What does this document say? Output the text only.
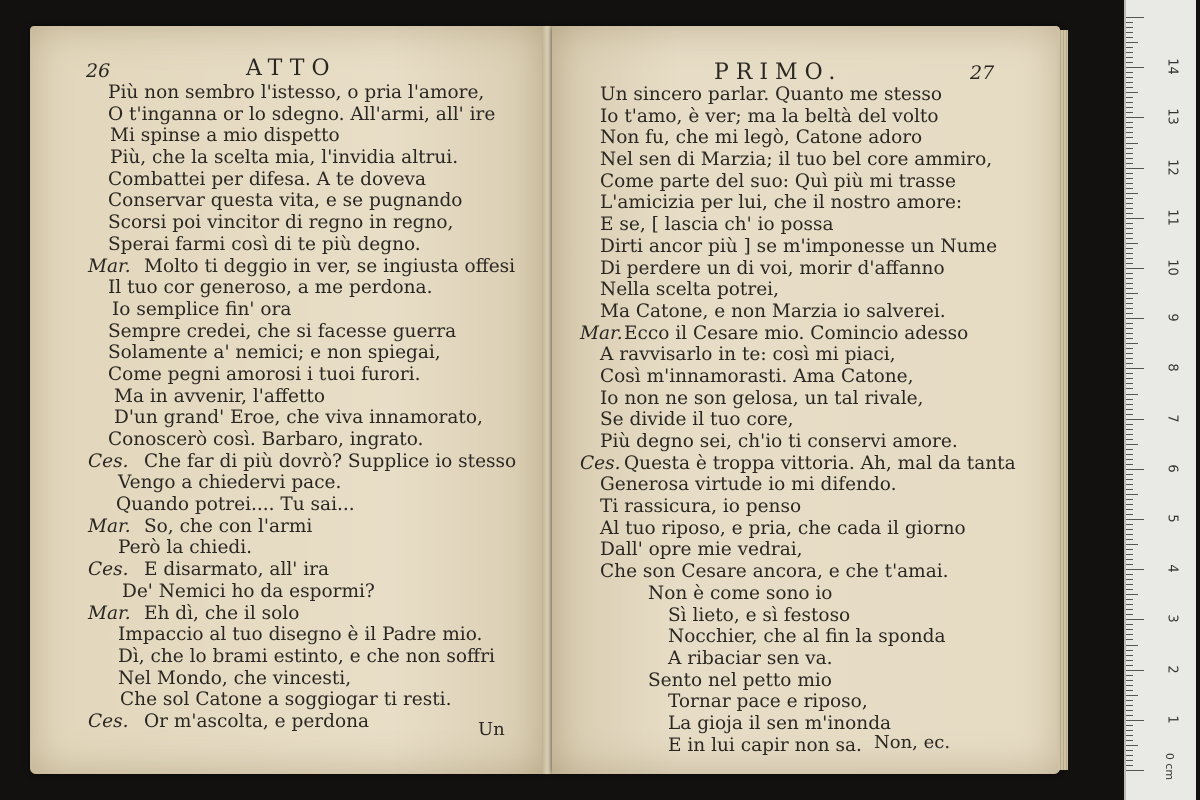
26	ATTO
Più non sembro l'istesso, o pria l'amore,
O t'inganna or lo sdegno. All'armi, all' ire
Mi spinse a mio dispetto
Più, che la scelta mia, l'invidia altrui.
Combattei per difesa. A te doveva
Conservar questa vita, e se pugnando
Scorsi poi vincitor di regno in regno,
Sperai farmi così di te più degno.
Mar. Molto ti deggio in ver, se ingiusta offesi
Il tuo cor generoso, a me perdona.
Io semplice fin' ora
Sempre credei, che si facesse guerra
Solamente a' nemici; e non spiegai,
Come pegni amorosi i tuoi furori.
Ma in avvenir, l'affetto
D'un grand' Eroe, che viva innamorato,
Conoscerò così. Barbaro, ingrato.
Ces. Che far di più dovrò? Supplice io stesso
Vengo a chiedervi pace.
Quando potrei.... Tu sai...
Mar. So, che con l'armi
Però la chiedi.
Ces. E disarmato, all' ira
De' Nemici ho da espormi?
Mar. Eh dì, che il solo
Impaccio al tuo disegno è il Padre mio.
Dì, che lo brami estinto, e che non soffri
Nel Mondo, che vincesti,
Che sol Catone a soggiogar ti resti.
Ces. Or m'ascolta, e perdona	Un
PRIMO.	27
Un sincero parlar. Quanto me stesso
Io t'amo, è ver; ma la beltà del volto
Non fu, che mi legò, Catone adoro
Nel sen di Marzia; il tuo bel core ammiro,
Come parte del suo: Quì più mi trasse
L'amicizia per lui, che il nostro amore:
E se, [ lascia ch' io possa
Dirti ancor più ] se m'imponesse un Nume
Di perdere un di voi, morir d'affanno
Nella scelta potrei,
Ma Catone, e non Marzia io salverei.
Mar. Ecco il Cesare mio. Comincio adesso
A ravvisarlo in te: così mi piaci,
Così m'innamorasti. Ama Catone,
Io non ne son gelosa, un tal rivale,
Se divide il tuo core,
Più degno sei, ch'io ti conservi amore.
Ces. Questa è troppa vittoria. Ah, mal da tanta
Generosa virtude io mi difendo.
Ti rassicura, io penso
Al tuo riposo, e pria, che cada il giorno
Dall' opre mie vedrai,
Che son Cesare ancora, e che t'amai.
Non è come sono io
Sì lieto, e sì festoso
Nocchier, che al fin la sponda
A ribaciar sen va.
Sento nel petto mio
Tornar pace e riposo,
La gioja il sen m'inonda
E in lui capir non sa. Non, ec.
0 cm
1
2
3
4
5
6
7
8
9
10
11
12
13
14
